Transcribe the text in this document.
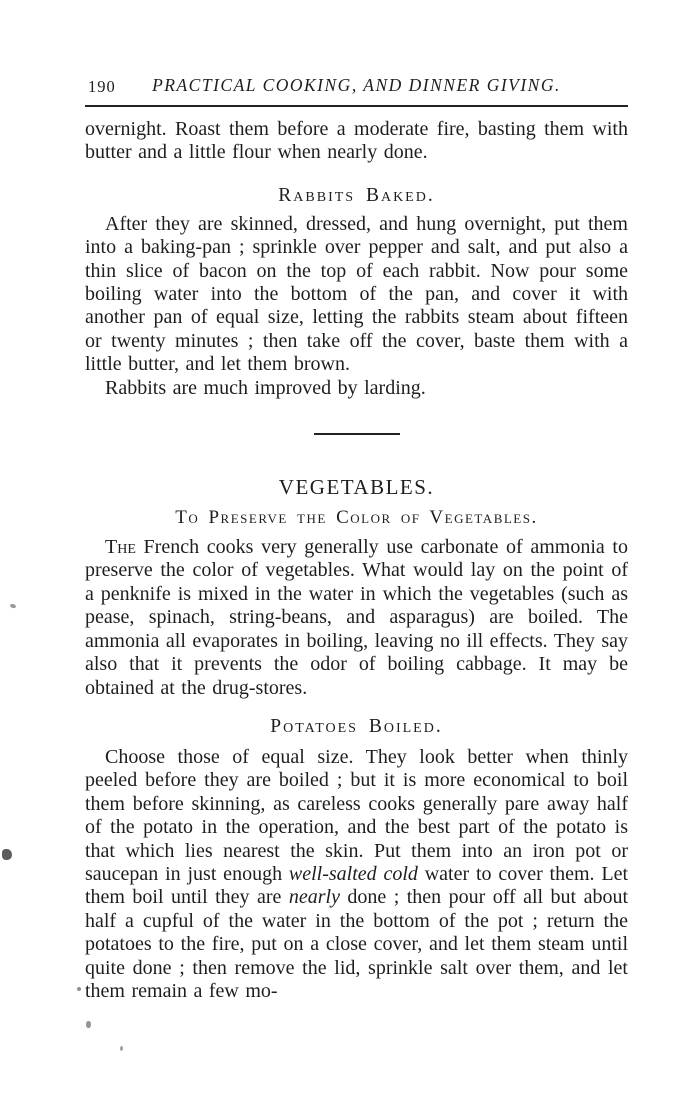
190	PRACTICAL COOKING, AND DINNER GIVING.

overnight. Roast them before a moderate fire, basting them with butter and a little flour when nearly done.

Rabbits Baked.

After they are skinned, dressed, and hung overnight, put them into a baking-pan ; sprinkle over pepper and salt, and put also a thin slice of bacon on the top of each rabbit. Now pour some boiling water into the bottom of the pan, and cover it with another pan of equal size, letting the rabbits steam about fifteen or twenty minutes ; then take off the cover, baste them with a little butter, and let them brown.

Rabbits are much improved by larding.

VEGETABLES.
To Preserve the Color of Vegetables.

The French cooks very generally use carbonate of ammonia to preserve the color of vegetables. What would lay on the point of a penknife is mixed in the water in which the vegetables (such as pease, spinach, string-beans, and asparagus) are boiled. The ammonia all evaporates in boiling, leaving no ill effects. They say also that it prevents the odor of boiling cabbage. It may be obtained at the drug-stores.

Potatoes Boiled.

Choose those of equal size. They look better when thinly peeled before they are boiled ; but it is more economical to boil them before skinning, as careless cooks generally pare away half of the potato in the operation, and the best part of the potato is that which lies nearest the skin. Put them into an iron pot or saucepan in just enough well-salted cold water to cover them. Let them boil until they are nearly done ; then pour off all but about half a cupful of the water in the bottom of the pot ; return the potatoes to the fire, put on a close cover, and let them steam until quite done ; then remove the lid, sprinkle salt over them, and let them remain a few mo-
